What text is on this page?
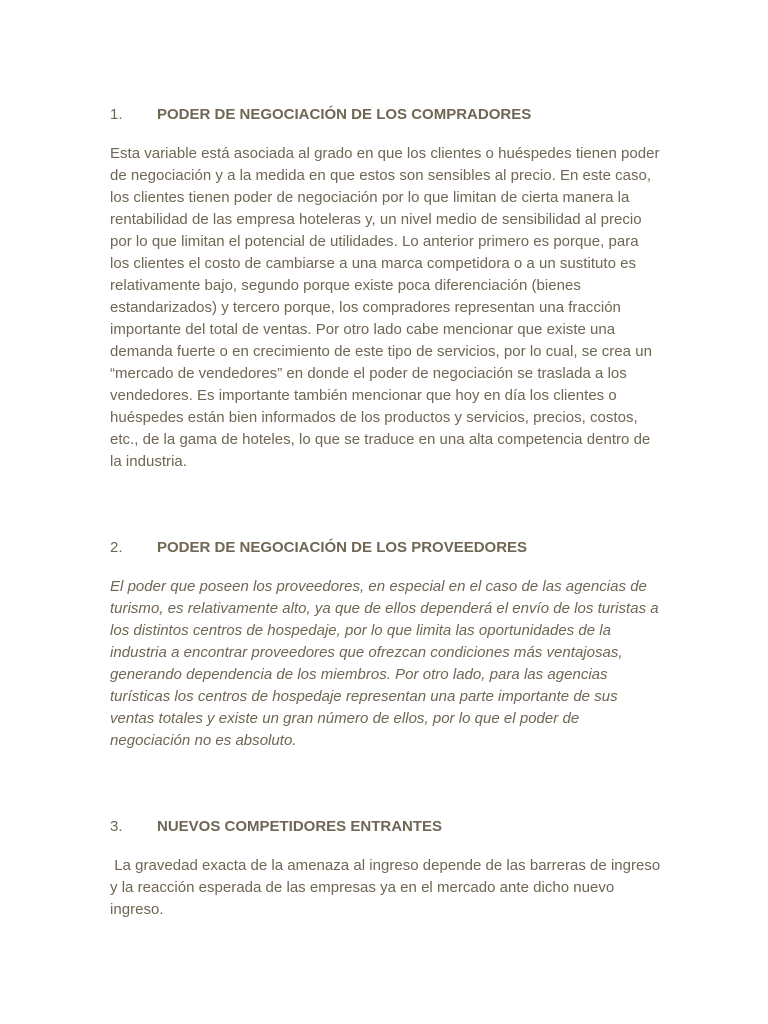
1.	PODER DE NEGOCIACIÓN DE LOS COMPRADORES

Esta variable está asociada al grado en que los clientes o huéspedes tienen poder de negociación y a la medida en que estos son sensibles al precio. En este caso, los clientes tienen poder de negociación por lo que limitan de cierta manera la rentabilidad de las empresa hoteleras y, un nivel medio de sensibilidad al precio por lo que limitan el potencial de utilidades. Lo anterior primero es porque, para los clientes el costo de cambiarse a una marca competidora o a un sustituto es relativamente bajo, segundo porque existe poca diferenciación (bienes estandarizados) y tercero porque, los compradores representan una fracción importante del total de ventas. Por otro lado cabe mencionar que existe una demanda fuerte o en crecimiento de este tipo de servicios, por lo cual, se crea un “mercado de vendedores” en donde el poder de negociación se traslada a los vendedores. Es importante también mencionar que hoy en día los clientes o huéspedes están bien informados de los productos y servicios, precios, costos, etc., de la gama de hoteles, lo que se traduce en una alta competencia dentro de la industria.

2.	PODER DE NEGOCIACIÓN DE LOS PROVEEDORES

El poder que poseen los proveedores, en especial en el caso de las agencias de turismo, es relativamente alto, ya que de ellos dependerá el envío de los turistas a los distintos centros de hospedaje, por lo que limita las oportunidades de la industria a encontrar proveedores que ofrezcan condiciones más ventajosas, generando dependencia de los miembros. Por otro lado, para las agencias turísticas los centros de hospedaje representan una parte importante de sus ventas totales y existe un gran número de ellos, por lo que el poder de negociación no es absoluto.

3.	NUEVOS COMPETIDORES ENTRANTES

La gravedad exacta de la amenaza al ingreso depende de las barreras de ingreso y la reacción esperada de las empresas ya en el mercado ante dicho nuevo ingreso.
